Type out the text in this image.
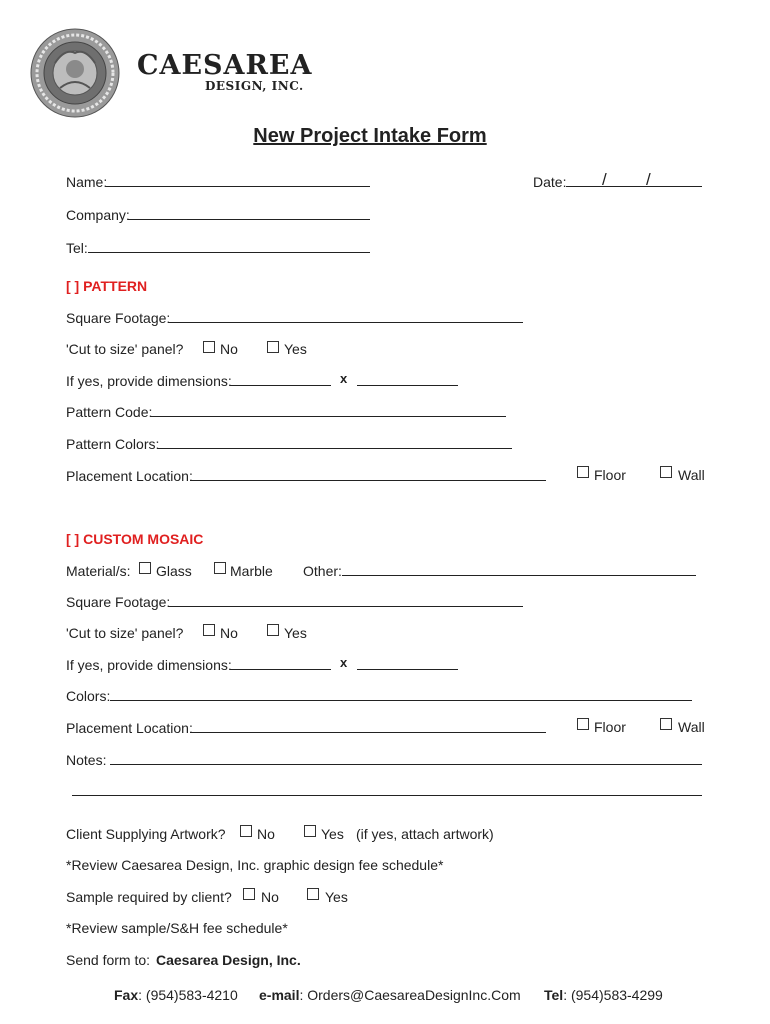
CAESAREA
DESIGN, INC.
New Project Intake Form
Name:	Date: / /
Company:
Tel:
[ ] PATTERN
Square Footage:
'Cut to size' panel?	No	Yes
If yes, provide dimensions:	x
Pattern Code:
Pattern Colors:
Placement Location:	Floor	Wall
[ ] CUSTOM MOSAIC
Material/s: Glass	Marble Other:
Square Footage:
'Cut to size' panel?	No	Yes
If yes, provide dimensions:	x
Colors:
Placement Location:	Floor	Wall
Notes:
Client Supplying Artwork? No	Yes (if yes, attach artwork)
*Review Caesarea Design, Inc. graphic design fee schedule*
Sample required by client? No	Yes
*Review sample/S&H fee schedule*
Send form to: Caesarea Design, Inc.
Fax: (954)583-4210 e-mail: Orders@CaesareaDesignInc.Com Tel: (954)583-4299
